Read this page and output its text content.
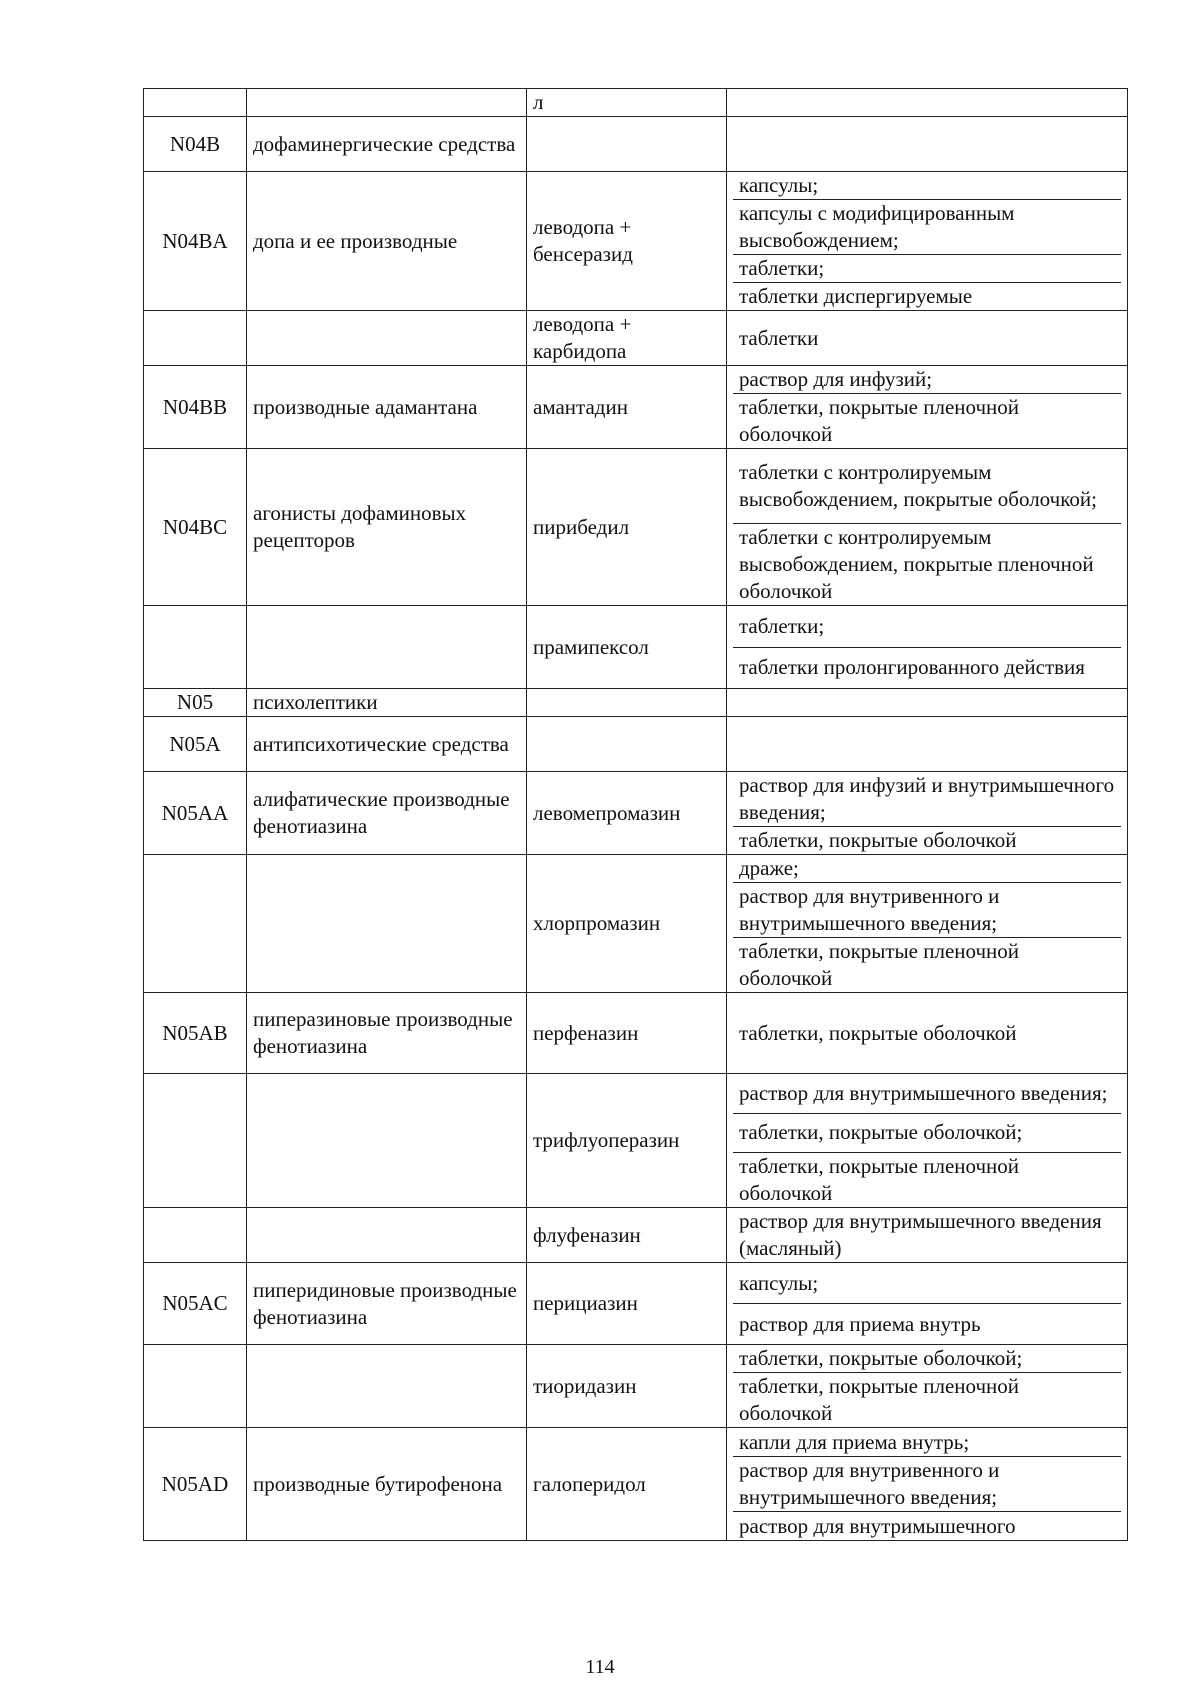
		л	

N04B	дофаминергические средства		

N04BA	допа и ее производные	леводопа + бенсеразид	капсулы;
капсулы с модифицированным высвобождением;
таблетки;
таблетки диспергируемые

		леводопа + карбидопа	таблетки

N04BB	производные адамантана	амантадин	раствор для инфузий;
таблетки, покрытые пленочной оболочкой

N04BC	агонисты дофаминовых рецепторов	пирибедил	таблетки с контролируемым высвобождением, покрытые оболочкой;
таблетки с контролируемым высвобождением, покрытые пленочной оболочкой

		прамипексол	таблетки;
таблетки пролонгированного действия

N05	психолептики		

N05A	антипсихотические средства		

N05AA	алифатические производные фенотиазина	левомепромазин	раствор для инфузий и внутримышечного введения;
таблетки, покрытые оболочкой

		хлорпромазин	драже;
раствор для внутривенного и внутримышечного введения;
таблетки, покрытые пленочной оболочкой

N05AB	пиперазиновые производные фенотиазина	перфеназин	таблетки, покрытые оболочкой

		трифлуоперазин	раствор для внутримышечного введения;
таблетки, покрытые оболочкой;
таблетки, покрытые пленочной оболочкой

		флуфеназин	раствор для внутримышечного введения (масляный)

N05AC	пиперидиновые производные фенотиазина	перициазин	капсулы;
раствор для приема внутрь

		тиоридазин	таблетки, покрытые оболочкой;
таблетки, покрытые пленочной оболочкой

N05AD	производные бутирофенона	галоперидол	капли для приема внутрь;
раствор для внутривенного и внутримышечного введения;
раствор для внутримышечного
114
